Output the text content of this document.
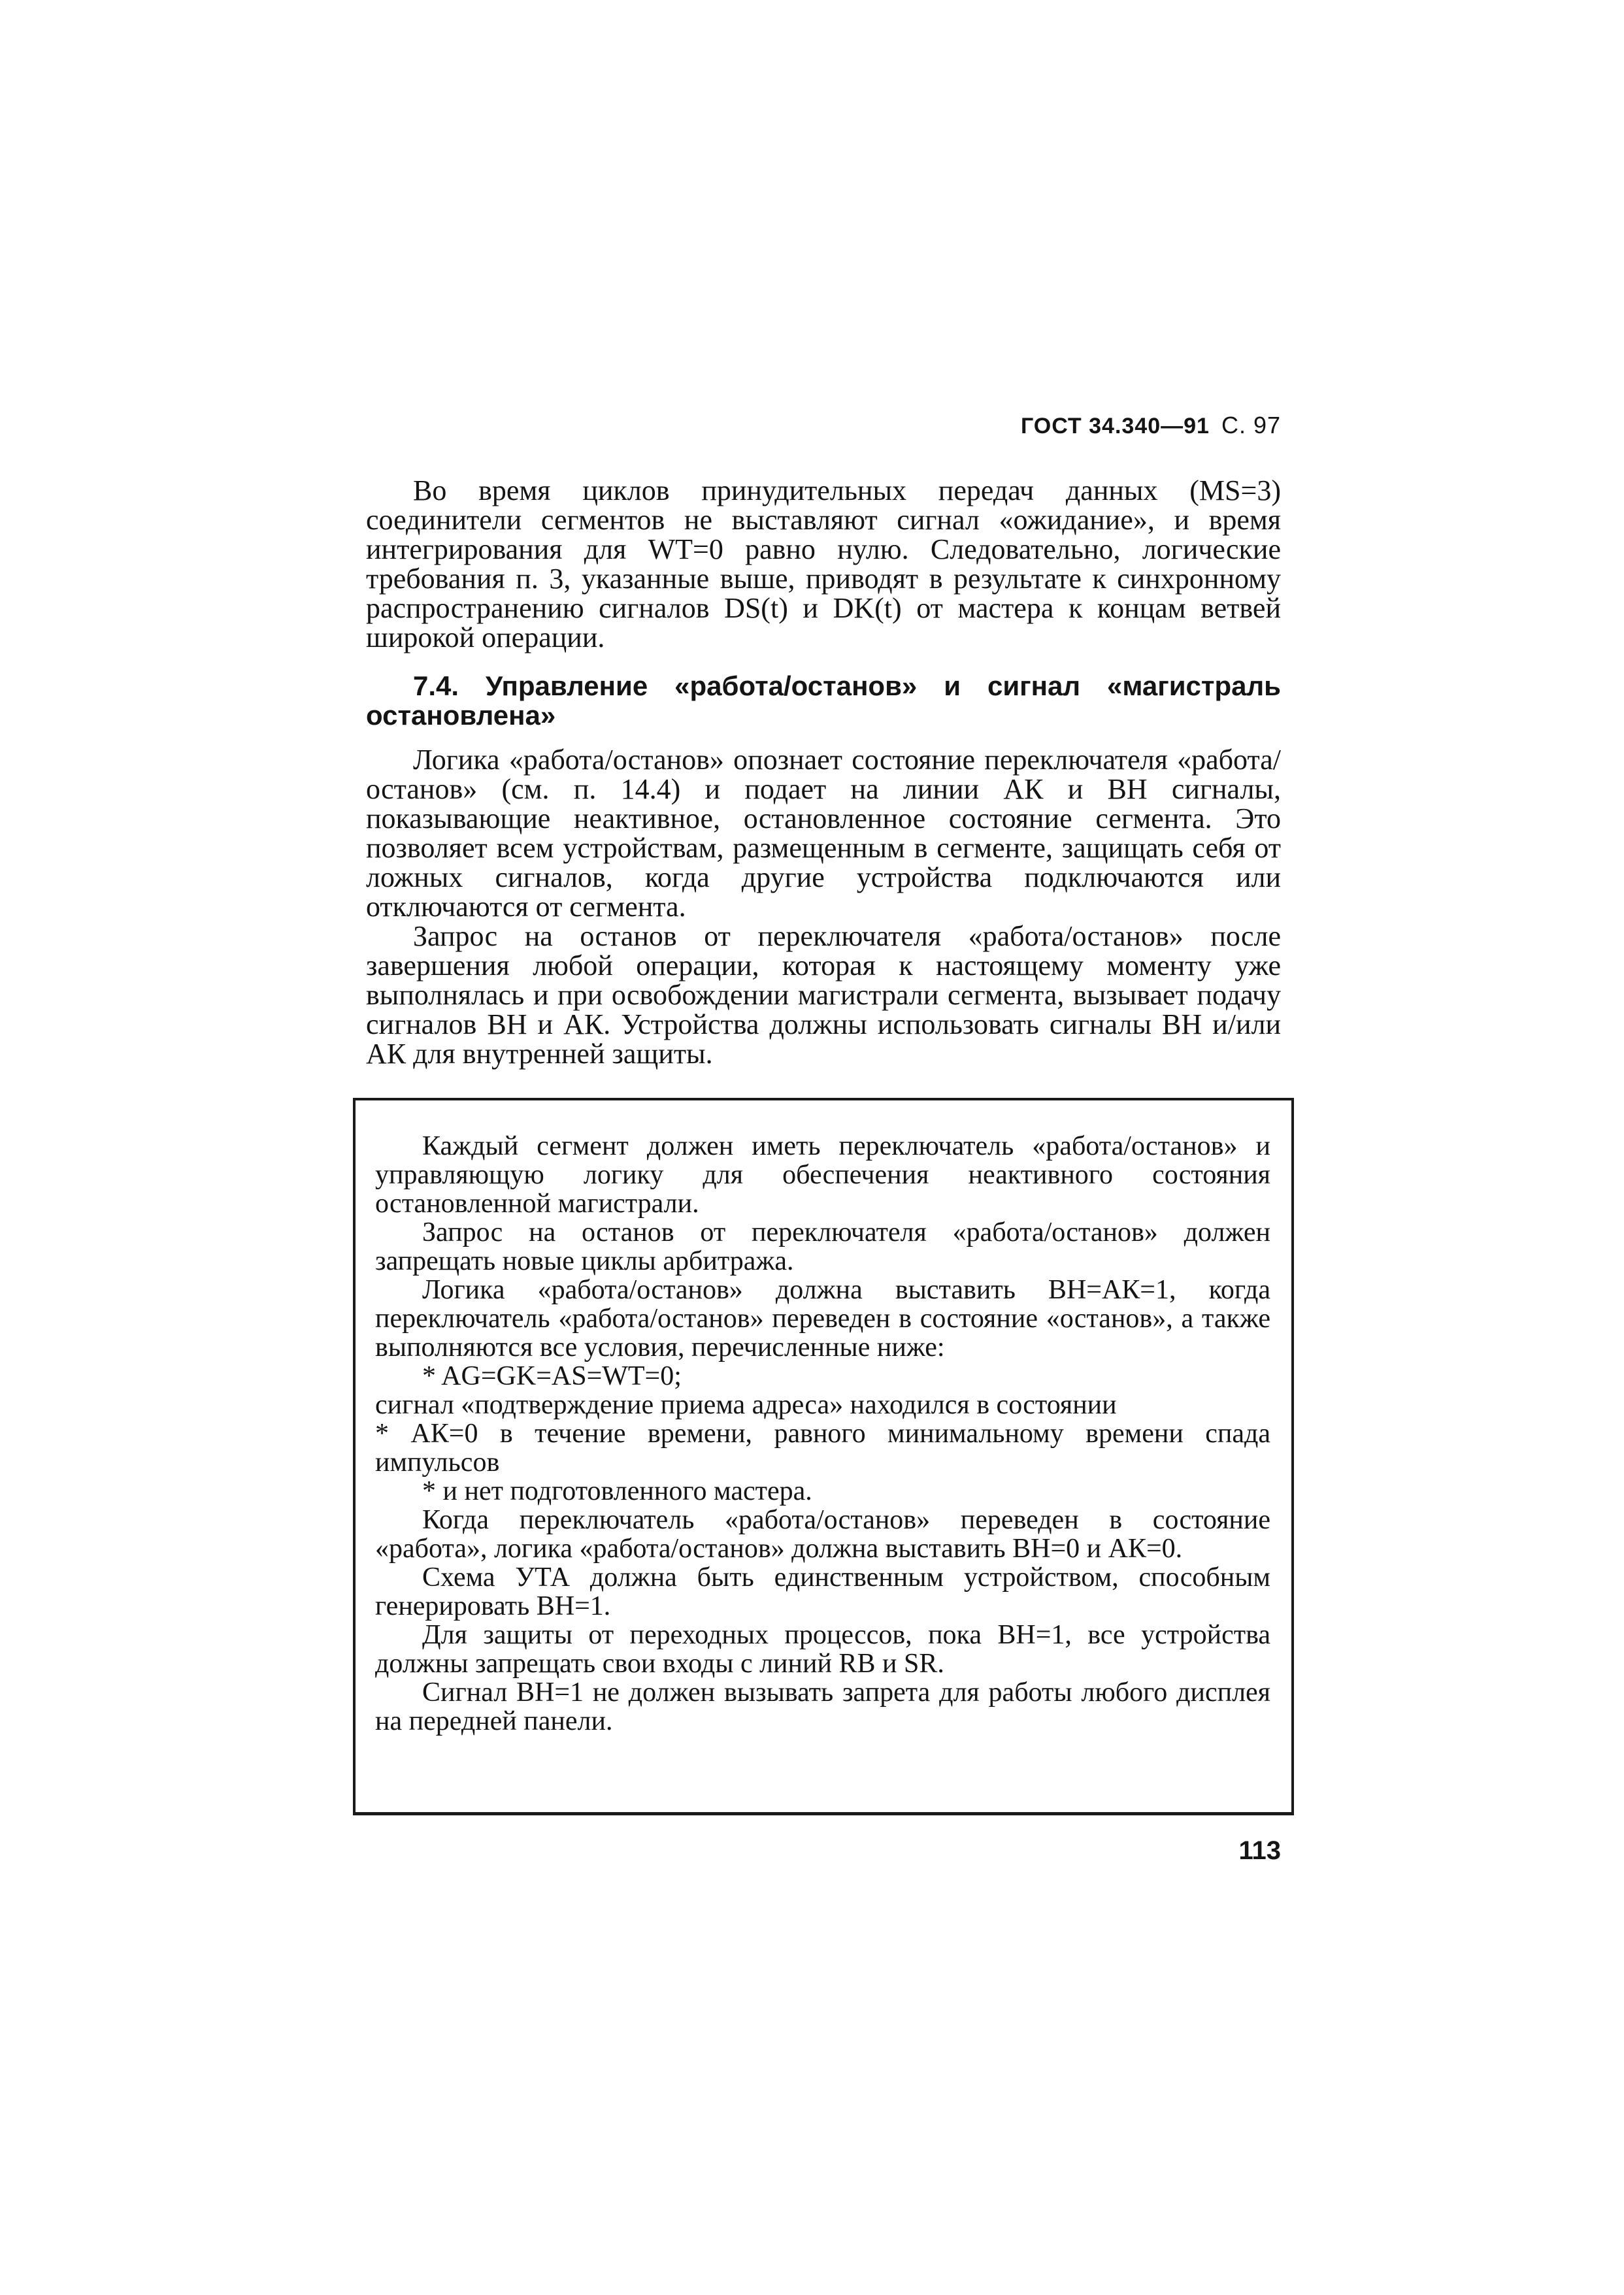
ГОСТ 34.340—91 С. 97

Во время циклов принудительных передач данных (MS=3) соединители сегментов не выставляют сигнал «ожидание», и время интегрирования для WT=0 равно нулю. Следовательно, логические требования п. 3, указанные выше, приводят в результате к синхронному распространению сигналов DS(t) и DK(t) от мастера к концам ветвей широкой операции.

7.4. Управление «работа/останов» и сигнал «магистраль остановлена»

Логика «работа/останов» опознает состояние переключателя «работа/останов» (см. п. 14.4) и подает на линии АК и ВН сигналы, показывающие неактивное, остановленное состояние сегмента. Это позволяет всем устройствам, размещенным в сегменте, защищать себя от ложных сигналов, когда другие устройства подключаются или отключаются от сегмента.

Запрос на останов от переключателя «работа/останов» после завершения любой операции, которая к настоящему моменту уже выполнялась и при освобождении магистрали сегмента, вызывает подачу сигналов ВН и АК. Устройства должны использовать сигналы ВН и/или АК для внутренней защиты.

Каждый сегмент должен иметь переключатель «работа/останов» и управляющую логику для обеспечения неактивного состояния остановленной магистрали.

Запрос на останов от переключателя «работа/останов» должен запрещать новые циклы арбитража.

Логика «работа/останов» должна выставить ВН=АК=1, когда переключатель «работа/останов» переведен в состояние «останов», а также выполняются все условия, перечисленные ниже:

* AG=GK=AS=WT=0;

сигнал «подтверждение приема адреса» находился в состоянии

* АК=0 в течение времени, равного минимальному времени спада импульсов

* и нет подготовленного мастера.

Когда переключатель «работа/останов» переведен в состояние «работа», логика «работа/останов» должна выставить ВН=0 и АК=0.

Схема УТА должна быть единственным устройством, способным генерировать ВН=1.

Для защиты от переходных процессов, пока ВН=1, все устройства должны запрещать свои входы с линий RB и SR.

Сигнал ВН=1 не должен вызывать запрета для работы любого дисплея на передней панели.

113
